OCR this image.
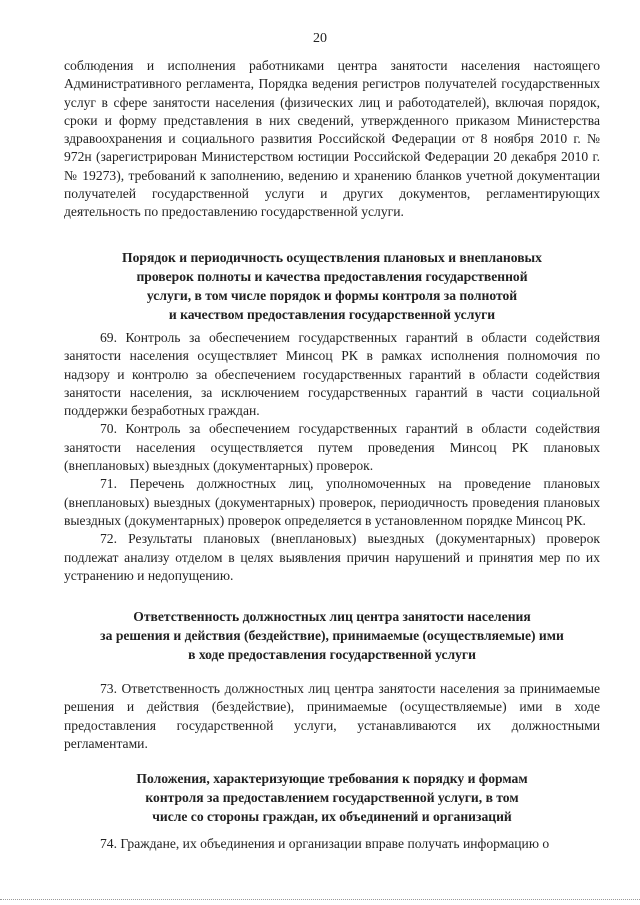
20

соблюдения и исполнения работниками центра занятости населения настоящего Административного регламента, Порядка ведения регистров получателей государственных услуг в сфере занятости населения (физических лиц и работодателей), включая порядок, сроки и форму представления в них сведений, утвержденного приказом Министерства здравоохранения и социального развития Российской Федерации от 8 ноября 2010 г. № 972н (зарегистрирован Министерством юстиции Российской Федерации 20 декабря 2010 г. № 19273), требований к заполнению, ведению и хранению бланков учетной документации получателей государственной услуги и других документов, регламентирующих деятельность по предоставлению государственной услуги.

Порядок и периодичность осуществления плановых и внеплановых
проверок полноты и качества предоставления государственной
услуги, в том числе порядок и формы контроля за полнотой
и качеством предоставления государственной услуги

69. Контроль за обеспечением государственных гарантий в области содействия занятости населения осуществляет Минсоц РК в рамках исполнения полномочия по надзору и контролю за обеспечением государственных гарантий в области содействия занятости населения, за исключением государственных гарантий в части социальной поддержки безработных граждан.

70. Контроль за обеспечением государственных гарантий в области содействия занятости населения осуществляется путем проведения Минсоц РК плановых (внеплановых) выездных (документарных) проверок.

71. Перечень должностных лиц, уполномоченных на проведение плановых (внеплановых) выездных (документарных) проверок, периодичность проведения плановых выездных (документарных) проверок определяется в установленном порядке Минсоц РК.

72. Результаты плановых (внеплановых) выездных (документарных) проверок подлежат анализу отделом в целях выявления причин нарушений и принятия мер по их устранению и недопущению.

Ответственность должностных лиц центра занятости населения
за решения и действия (бездействие), принимаемые (осуществляемые) ими
в ходе предоставления государственной услуги

73. Ответственность должностных лиц центра занятости населения за принимаемые решения и действия (бездействие), принимаемые (осуществляемые) ими в ходе предоставления государственной услуги, устанавливаются их должностными регламентами.

Положения, характеризующие требования к порядку и формам
контроля за предоставлением государственной услуги, в том
числе со стороны граждан, их объединений и организаций

74. Граждане, их объединения и организации вправе получать информацию о
